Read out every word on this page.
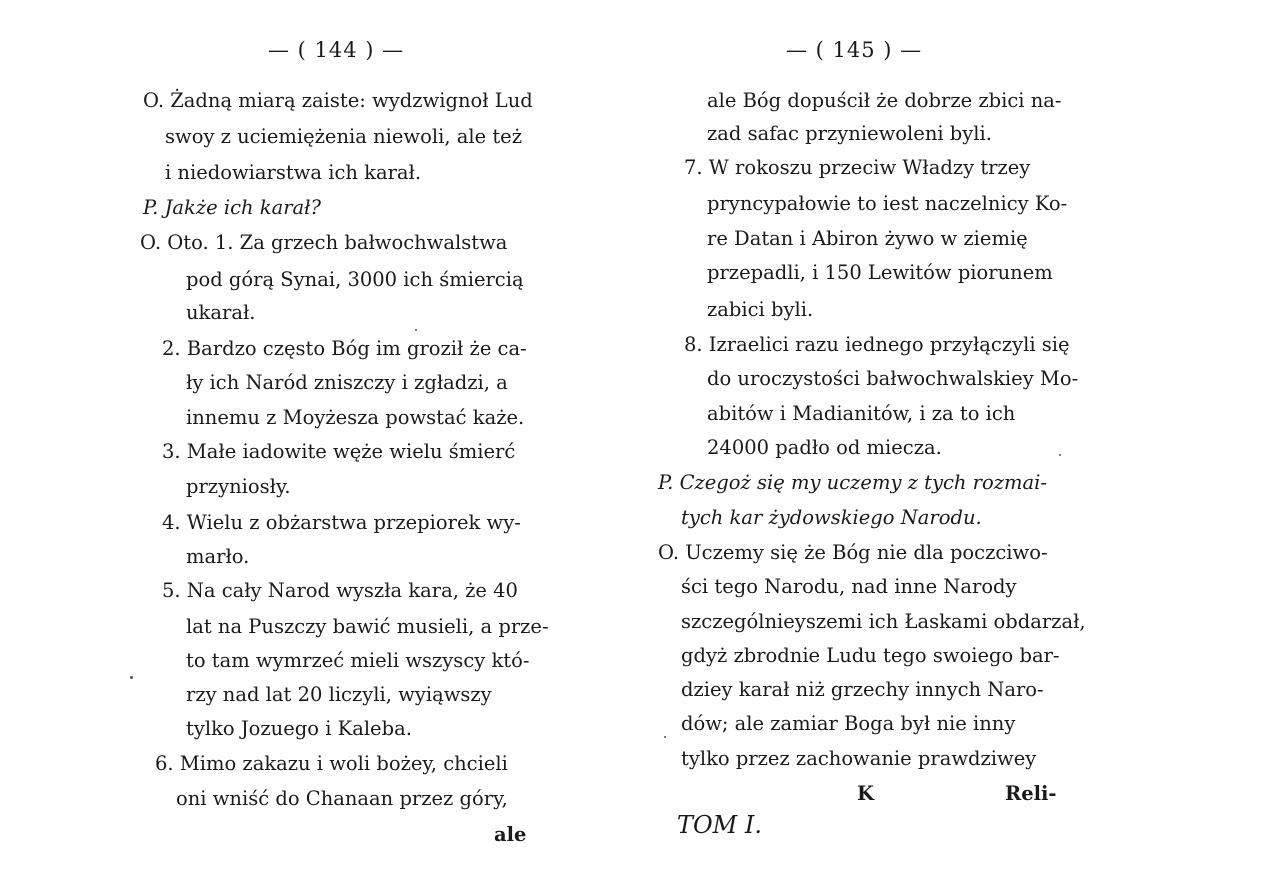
— ( 144 ) —
O. Żadną miarą zaiste: wydzwignoł Lud
swoy z uciemiężenia niewoli, ale też
i niedowiarstwa ich karał.
P. Jakże ich karał?
O. Oto. 1. Za grzech bałwochwalstwa
pod górą Synai, 3000 ich śmiercią
ukarał.
2. Bardzo często Bóg im groził że ca-
ły ich Naród zniszczy i zgładzi, a
innemu z Moyżesza powstać każe.
3. Małe iadowite węże wielu śmierć
przyniosły.
4. Wielu z obżarstwa przepiorek wy-
marło.
5. Na cały Narod wyszła kara, że 40
lat na Puszczy bawić musieli, a prze-
to tam wymrzeć mieli wszyscy któ-
rzy nad lat 20 liczyli, wyiąwszy
tylko Jozuego i Kaleba.
6. Mimo zakazu i woli bożey, chcieli
oni wniść do Chanaan przez góry,
ale
— ( 145 ) —
ale Bóg dopuścił że dobrze zbici na-
zad safac przyniewoleni byli.
7. W rokoszu przeciw Władzy trzey
pryncypałowie to iest naczelnicy Ko-
re Datan i Abiron żywo w ziemię
przepadli, i 150 Lewitów piorunem
zabici byli.
8. Izraelici razu iednego przyłączyli się
do uroczystości bałwochwalskiey Mo-
abitów i Madianitów, i za to ich
24000 padło od miecza.
P. Czegoż się my uczemy z tych rozmai-
tych kar żydowskiego Narodu.
O. Uczemy się że Bóg nie dla poczciwo-
ści tego Narodu, nad inne Narody
szczególnieyszemi ich Łaskami obdarzał,
gdyż zbrodnie Ludu tego swoiego bar-
dziey karał niż grzechy innych Naro-
dów; ale zamiar Boga był nie inny
tylko przez zachowanie prawdziwey
K	Reli-
TOM I.
